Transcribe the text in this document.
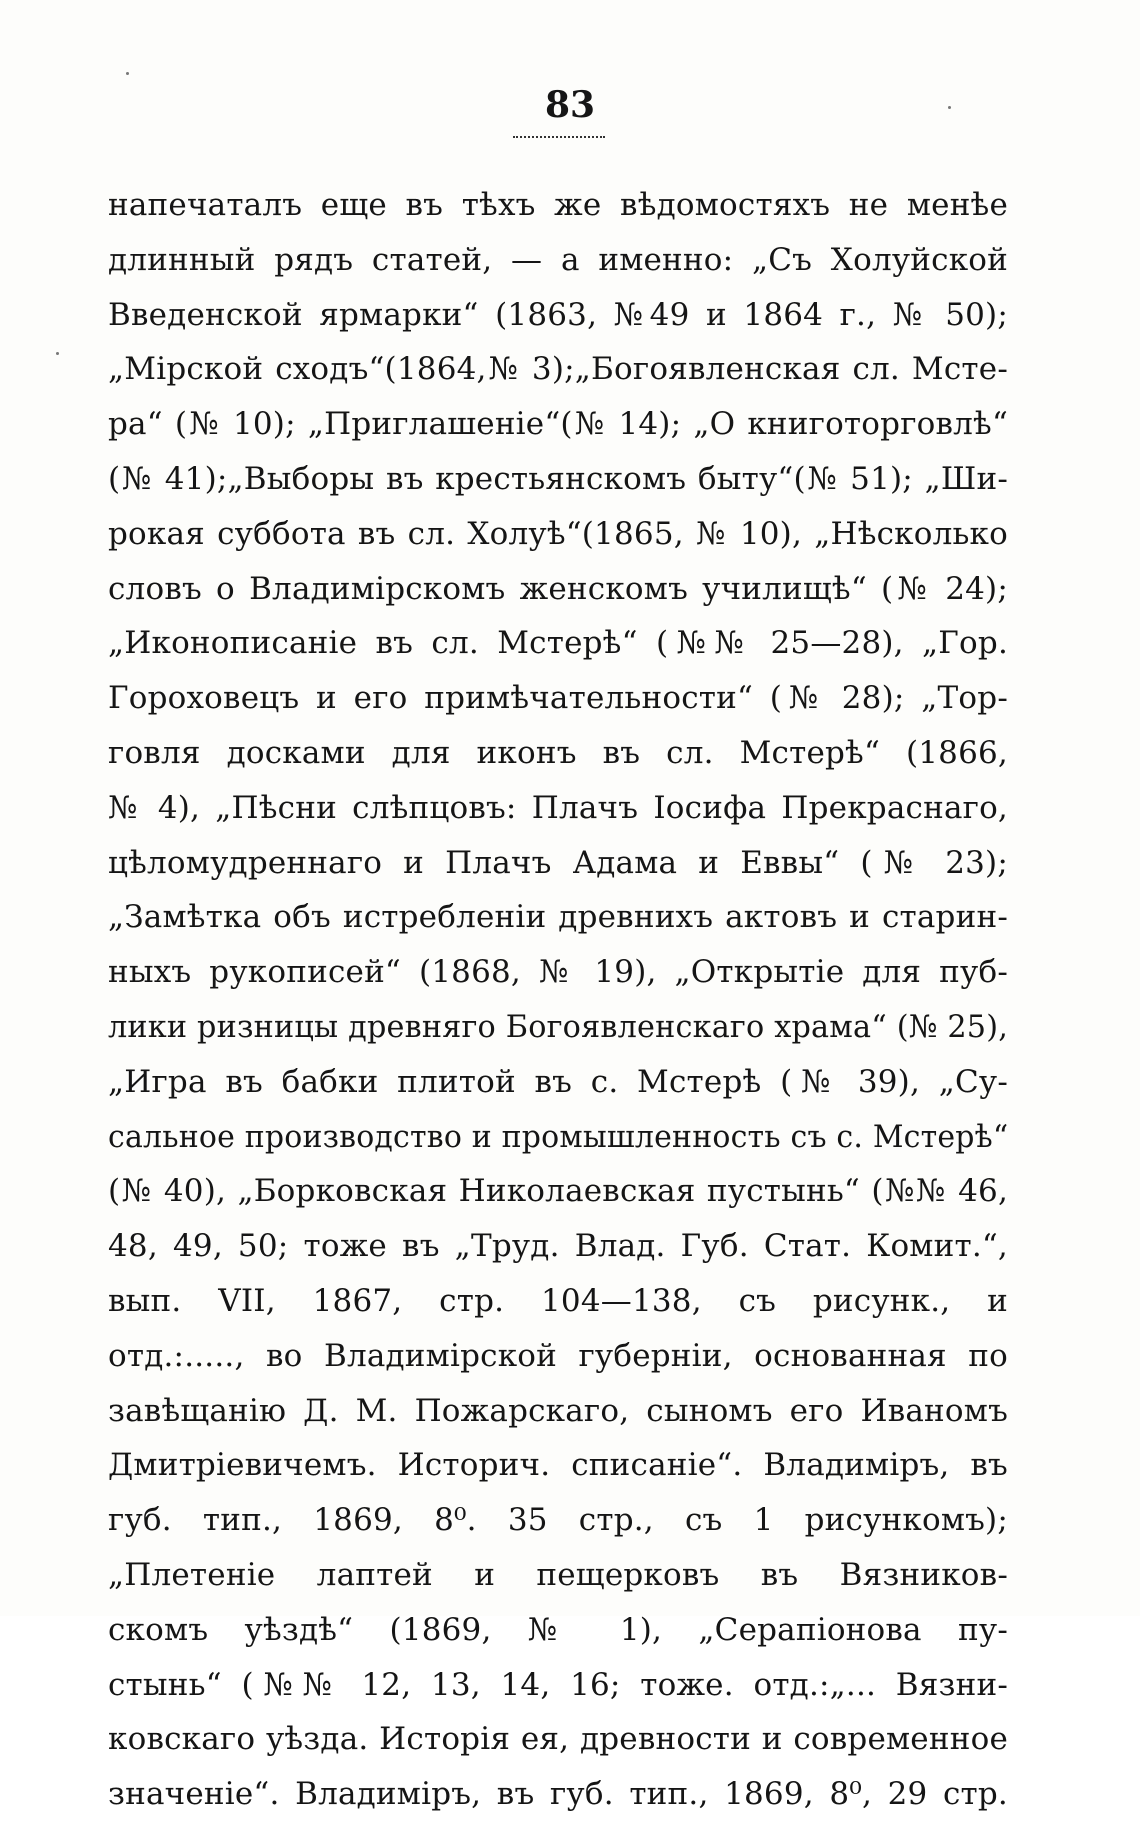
83
напечаталъ еще въ тѣхъ же вѣдомостяхъ не менѣе
длинный рядъ статей, — а именно: „Съ Холуйской
Введенской ярмарки“ (1863, №49 и 1864 г., № 50);
„Мірской сходъ“(1864,№ 3);„Богоявленская сл. Мсте-
ра“ (№ 10); „Приглашеніе“(№ 14); „О книготорговлѣ“
(№ 41);„Выборы въ крестьянскомъ быту“(№ 51); „Ши-
рокая суббота въ сл. Холуѣ“(1865, № 10), „Нѣсколько
словъ о Владимірскомъ женскомъ училищѣ“ (№ 24);
„Иконописаніе въ сл. Мстерѣ“ (№№ 25—28), „Гор.
Гороховецъ и его примѣчательности“ (№ 28); „Тор-
говля досками для иконъ въ сл. Мстерѣ“ (1866,
№ 4), „Пѣсни слѣпцовъ: Плачъ Іосифа Прекраснаго,
цѣломудреннаго и Плачъ Адама и Еввы“ (№ 23);
„Замѣтка объ истребленіи древнихъ актовъ и старин-
ныхъ рукописей“ (1868, № 19), „Открытіе для пуб-
лики ризницы древняго Богоявленскаго храма“ (№ 25),
„Игра въ бабки плитой въ с. Мстерѣ (№ 39), „Су-
сальное производство и промышленность съ с. Мстерѣ“
(№ 40), „Борковская Николаевская пустынь“ (№№ 46,
48, 49, 50; тоже въ „Труд. Влад. Губ. Стат. Комит.“,
вып. VII, 1867, стр. 104—138, съ рисунк., и
отд.:....., во Владимірской губерніи, основанная по
завѣщанію Д. М. Пожарскаго, сыномъ его Иваномъ
Дмитріевичемъ. Историч. списаніе“. Владиміръ, въ
губ. тип., 1869, 8⁰. 35 стр., съ 1 рисункомъ);
„Плетеніе лаптей и пещерковъ въ Вязников-
скомъ уѣздѣ“ (1869, № 1), „Серапіонова пу-
стынь“ (№№ 12, 13, 14, 16; тоже. отд.:„... Вязни-
ковскаго уѣзда. Исторія ея, древности и современное
значеніе“. Владиміръ, въ губ. тип., 1869, 8⁰, 29 стр.
